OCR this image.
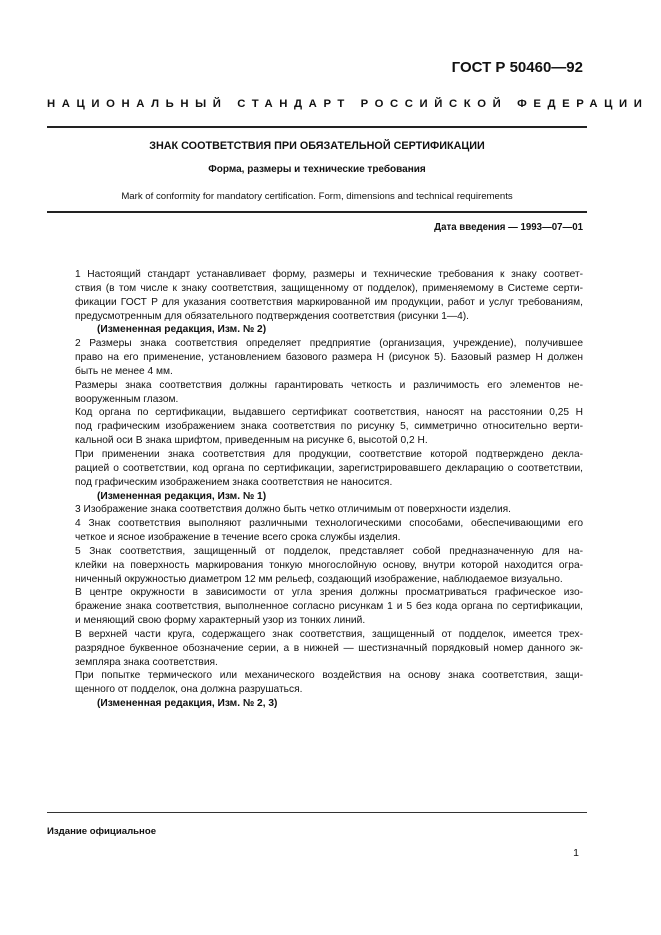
ГОСТ Р 50460—92
НАЦИОНАЛЬНЫЙ СТАНДАРТ РОССИЙСКОЙ ФЕДЕРАЦИИ
ЗНАК СООТВЕТСТВИЯ ПРИ ОБЯЗАТЕЛЬНОЙ СЕРТИФИКАЦИИ
Форма, размеры и технические требования
Mark of conformity for mandatory certification. Form, dimensions and technical requirements
Дата введения — 1993—07—01
1 Настоящий стандарт устанавливает форму, размеры и технические требования к знаку соответ-
ствия (в том числе к знаку соответствия, защищенному от подделок), применяемому в Системе серти-
фикации ГОСТ Р для указания соответствия маркированной им продукции, работ и услуг требованиям,
предусмотренным для обязательного подтверждения соответствия (рисунки 1—4).
(Измененная редакция, Изм. № 2)
2 Размеры знака соответствия определяет предприятие (организация, учреждение), получившее
право на его применение, установлением базового размера Н (рисунок 5). Базовый размер Н должен
быть не менее 4 мм.
Размеры знака соответствия должны гарантировать четкость и различимость его элементов не-
вооруженным глазом.
Код органа по сертификации, выдавшего сертификат соответствия, наносят на расстоянии 0,25 Н
под графическим изображением знака соответствия по рисунку 5, симметрично относительно верти-
кальной оси В знака шрифтом, приведенным на рисунке 6, высотой 0,2 Н.
При применении знака соответствия для продукции, соответствие которой подтверждено декла-
рацией о соответствии, код органа по сертификации, зарегистрировавшего декларацию о соответствии,
под графическим изображением знака соответствия не наносится.
(Измененная редакция, Изм. № 1)
3 Изображение знака соответствия должно быть четко отличимым от поверхности изделия.
4 Знак соответствия выполняют различными технологическими способами, обеспечивающими его
четкое и ясное изображение в течение всего срока службы изделия.
5 Знак соответствия, защищенный от подделок, представляет собой предназначенную для на-
клейки на поверхность маркирования тонкую многослойную основу, внутри которой находится огра-
ниченный окружностью диаметром 12 мм рельеф, создающий изображение, наблюдаемое визуально.
В центре окружности в зависимости от угла зрения должны просматриваться графическое изо-
бражение знака соответствия, выполненное согласно рисункам 1 и 5 без кода органа по сертификации,
и меняющий свою форму характерный узор из тонких линий.
В верхней части круга, содержащего знак соответствия, защищенный от подделок, имеется трех-
разрядное буквенное обозначение серии, а в нижней — шестизначный порядковый номер данного эк-
земпляра знака соответствия.
При попытке термического или механического воздействия на основу знака соответствия, защи-
щенного от подделок, она должна разрушаться.
(Измененная редакция, Изм. № 2, 3)
Издание официальное
1
